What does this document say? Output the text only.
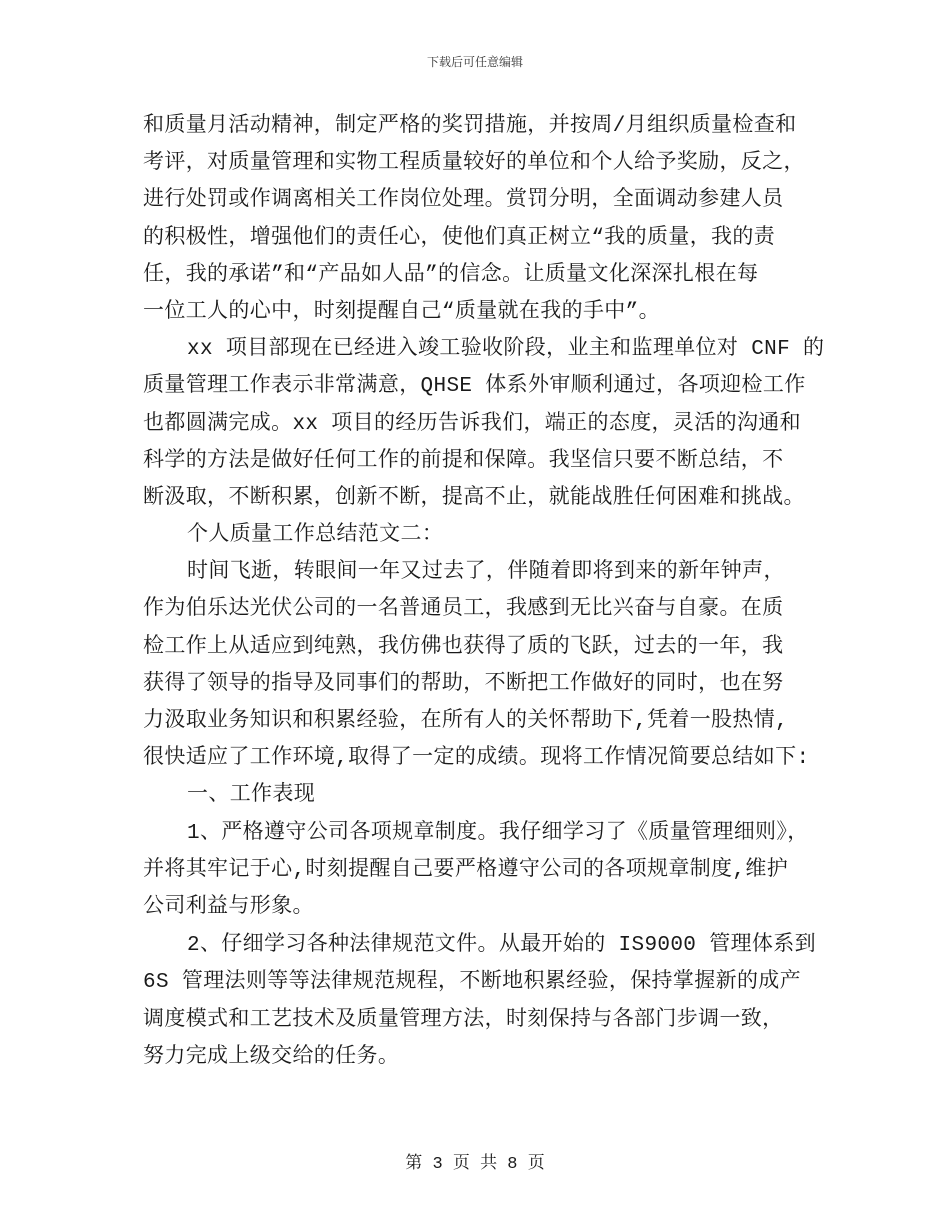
下载后可任意编辑
和质量月活动精神，制定严格的奖罚措施，并按周/月组织质量检查和
考评，对质量管理和实物工程质量较好的单位和个人给予奖励，反之，
进行处罚或作调离相关工作岗位处理。赏罚分明，全面调动参建人员
的积极性，增强他们的责任心，使他们真正树立“我的质量，我的责
任，我的承诺”和“产品如人品”的信念。让质量文化深深扎根在每
一位工人的心中，时刻提醒自己“质量就在我的手中”。
xx 项目部现在已经进入竣工验收阶段，业主和监理单位对 CNF 的
质量管理工作表示非常满意，QHSE 体系外审顺利通过，各项迎检工作
也都圆满完成。xx 项目的经历告诉我们，端正的态度，灵活的沟通和
科学的方法是做好任何工作的前提和保障。我坚信只要不断总结，不
断汲取，不断积累，创新不断，提高不止，就能战胜任何困难和挑战。
个人质量工作总结范文二：
时间飞逝，转眼间一年又过去了，伴随着即将到来的新年钟声，
作为伯乐达光伏公司的一名普通员工，我感到无比兴奋与自豪。在质
检工作上从适应到纯熟，我仿佛也获得了质的飞跃，过去的一年，我
获得了领导的指导及同事们的帮助，不断把工作做好的同时，也在努
力汲取业务知识和积累经验，在所有人的关怀帮助下,凭着一股热情,
很快适应了工作环境,取得了一定的成绩。现将工作情况简要总结如下:
一、工作表现
1、严格遵守公司各项规章制度。我仔细学习了《质量管理细则》，
并将其牢记于心,时刻提醒自己要严格遵守公司的各项规章制度,维护
公司利益与形象。
2、仔细学习各种法律规范文件。从最开始的 IS9000 管理体系到
6S 管理法则等等法律规范规程，不断地积累经验，保持掌握新的成产
调度模式和工艺技术及质量管理方法，时刻保持与各部门步调一致，
努力完成上级交给的任务。
第 3 页 共 8 页
